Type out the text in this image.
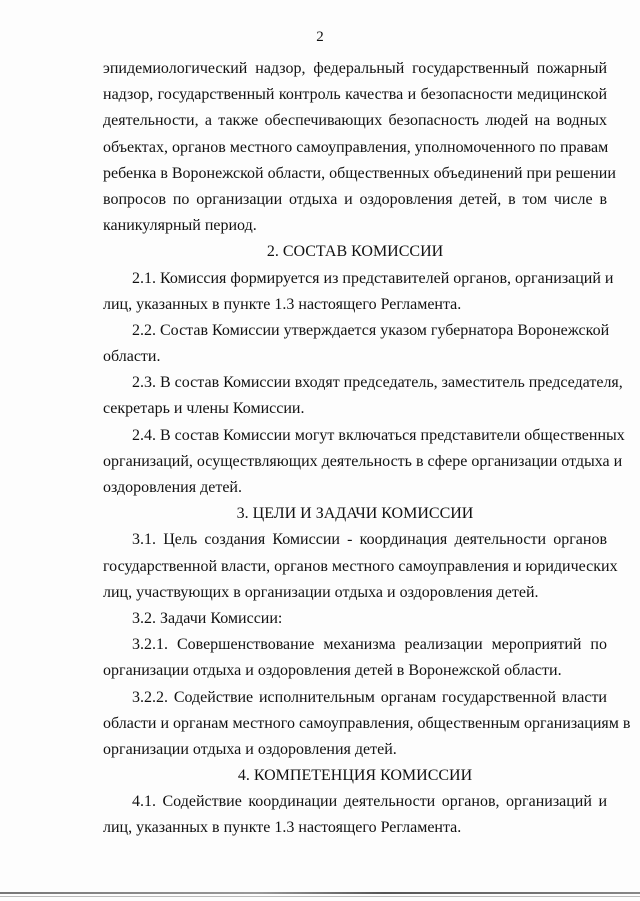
2
эпидемиологический надзор, федеральный государственный пожарный
надзор, государственный контроль качества и безопасности медицинской
деятельности, а также обеспечивающих безопасность людей на водных
объектах, органов местного самоуправления, уполномоченного по правам
ребенка в Воронежской области, общественных объединений при решении
вопросов по организации отдыха и оздоровления детей, в том числе в
каникулярный период.
2. СОСТАВ КОМИССИИ
2.1. Комиссия формируется из представителей органов, организаций и
лиц, указанных в пункте 1.3 настоящего Регламента.
2.2. Состав Комиссии утверждается указом губернатора Воронежской
области.
2.3. В состав Комиссии входят председатель, заместитель председателя,
секретарь и члены Комиссии.
2.4. В состав Комиссии могут включаться представители общественных
организаций, осуществляющих деятельность в сфере организации отдыха и
оздоровления детей.
3. ЦЕЛИ И ЗАДАЧИ КОМИССИИ
3.1. Цель создания Комиссии - координация деятельности органов
государственной власти, органов местного самоуправления и юридических
лиц, участвующих в организации отдыха и оздоровления детей.
3.2. Задачи Комиссии:
3.2.1. Совершенствование механизма реализации мероприятий по
организации отдыха и оздоровления детей в Воронежской области.
3.2.2. Содействие исполнительным органам государственной власти
области и органам местного самоуправления, общественным организациям в
организации отдыха и оздоровления детей.
4. КОМПЕТЕНЦИЯ КОМИССИИ
4.1. Содействие координации деятельности органов, организаций и
лиц, указанных в пункте 1.3 настоящего Регламента.
